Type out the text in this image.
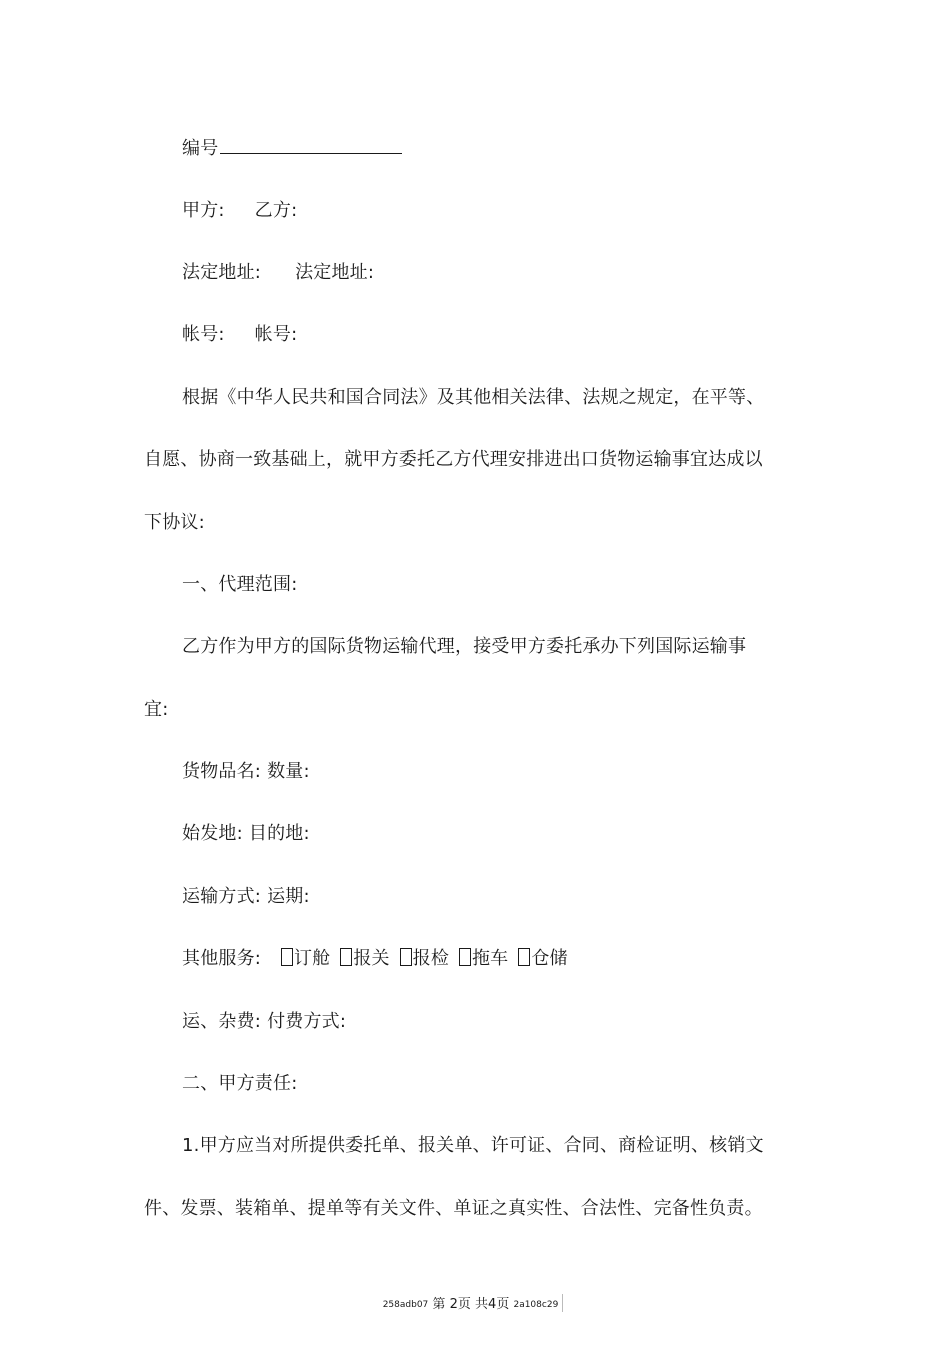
编号
甲方: 乙方:
法定地址: 法定地址:
帐号: 帐号:
根据《中华人民共和国合同法》及其他相关法律、法规之规定，在平等、
自愿、协商一致基础上，就甲方委托乙方代理安排进出口货物运输事宜达成以
下协议:
一、代理范围:
乙方作为甲方的国际货物运输代理，接受甲方委托承办下列国际运输事
宜:
货物品名: 数量:
始发地: 目的地:
运输方式: 运期:
其他服务: 订舱 报关 报检 拖车 仓储
运、杂费: 付费方式:
二、甲方责任:
1.甲方应当对所提供委托单、报关单、许可证、合同、商检证明、核销文
件、发票、装箱单、提单等有关文件、单证之真实性、合法性、完备性负责。
258adb07 第 2页 共4页 2a108c29
